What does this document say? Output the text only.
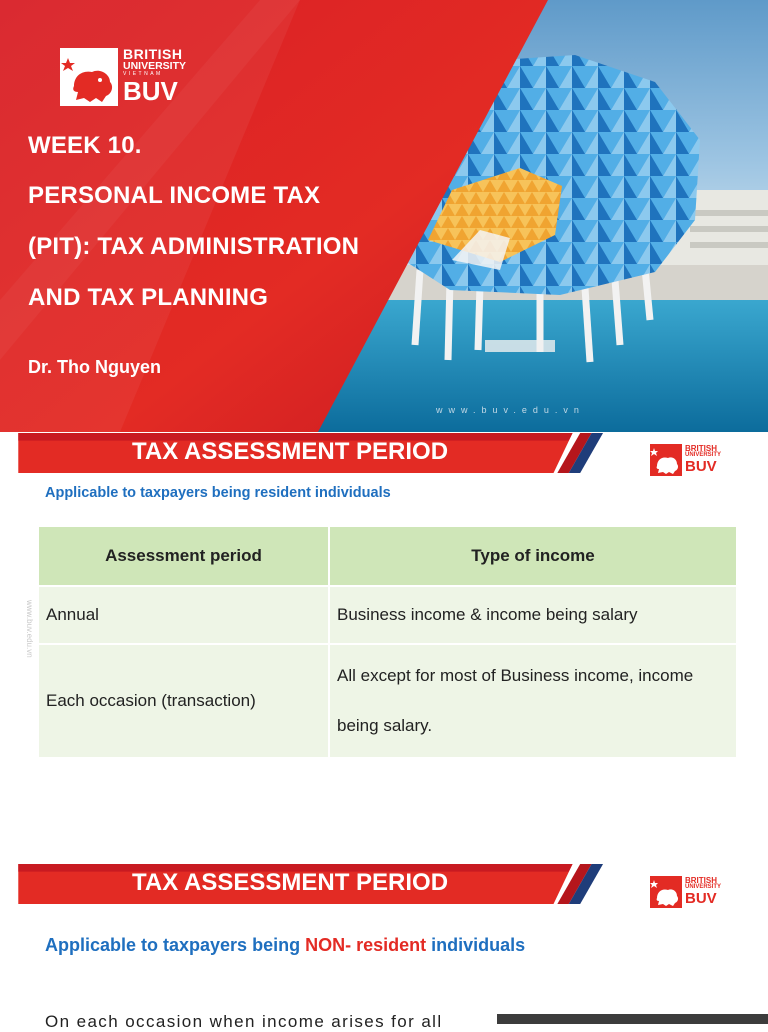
BRITISH
UNIVERSITY
VIETNAM
BUV
WEEK 10.
PERSONAL INCOME TAX
(PIT): TAX ADMINISTRATION
AND TAX PLANNING
Dr. Tho Nguyen
www.buv.edu.vn
TAX ASSESSMENT PERIOD	BRITISH
UNIVERSITY
BUV
Applicable to taxpayers being resident individuals
www.buv.edu.vn
Assessment period	Type of income
Annual	Business income & income being salary
Each occasion (transaction)	All except for most of Business income, income being salary.
TAX ASSESSMENT PERIOD	BRITISH
UNIVERSITY
BUV
Applicable to taxpayers being NON- resident individuals
On each occasion when income arises for all
